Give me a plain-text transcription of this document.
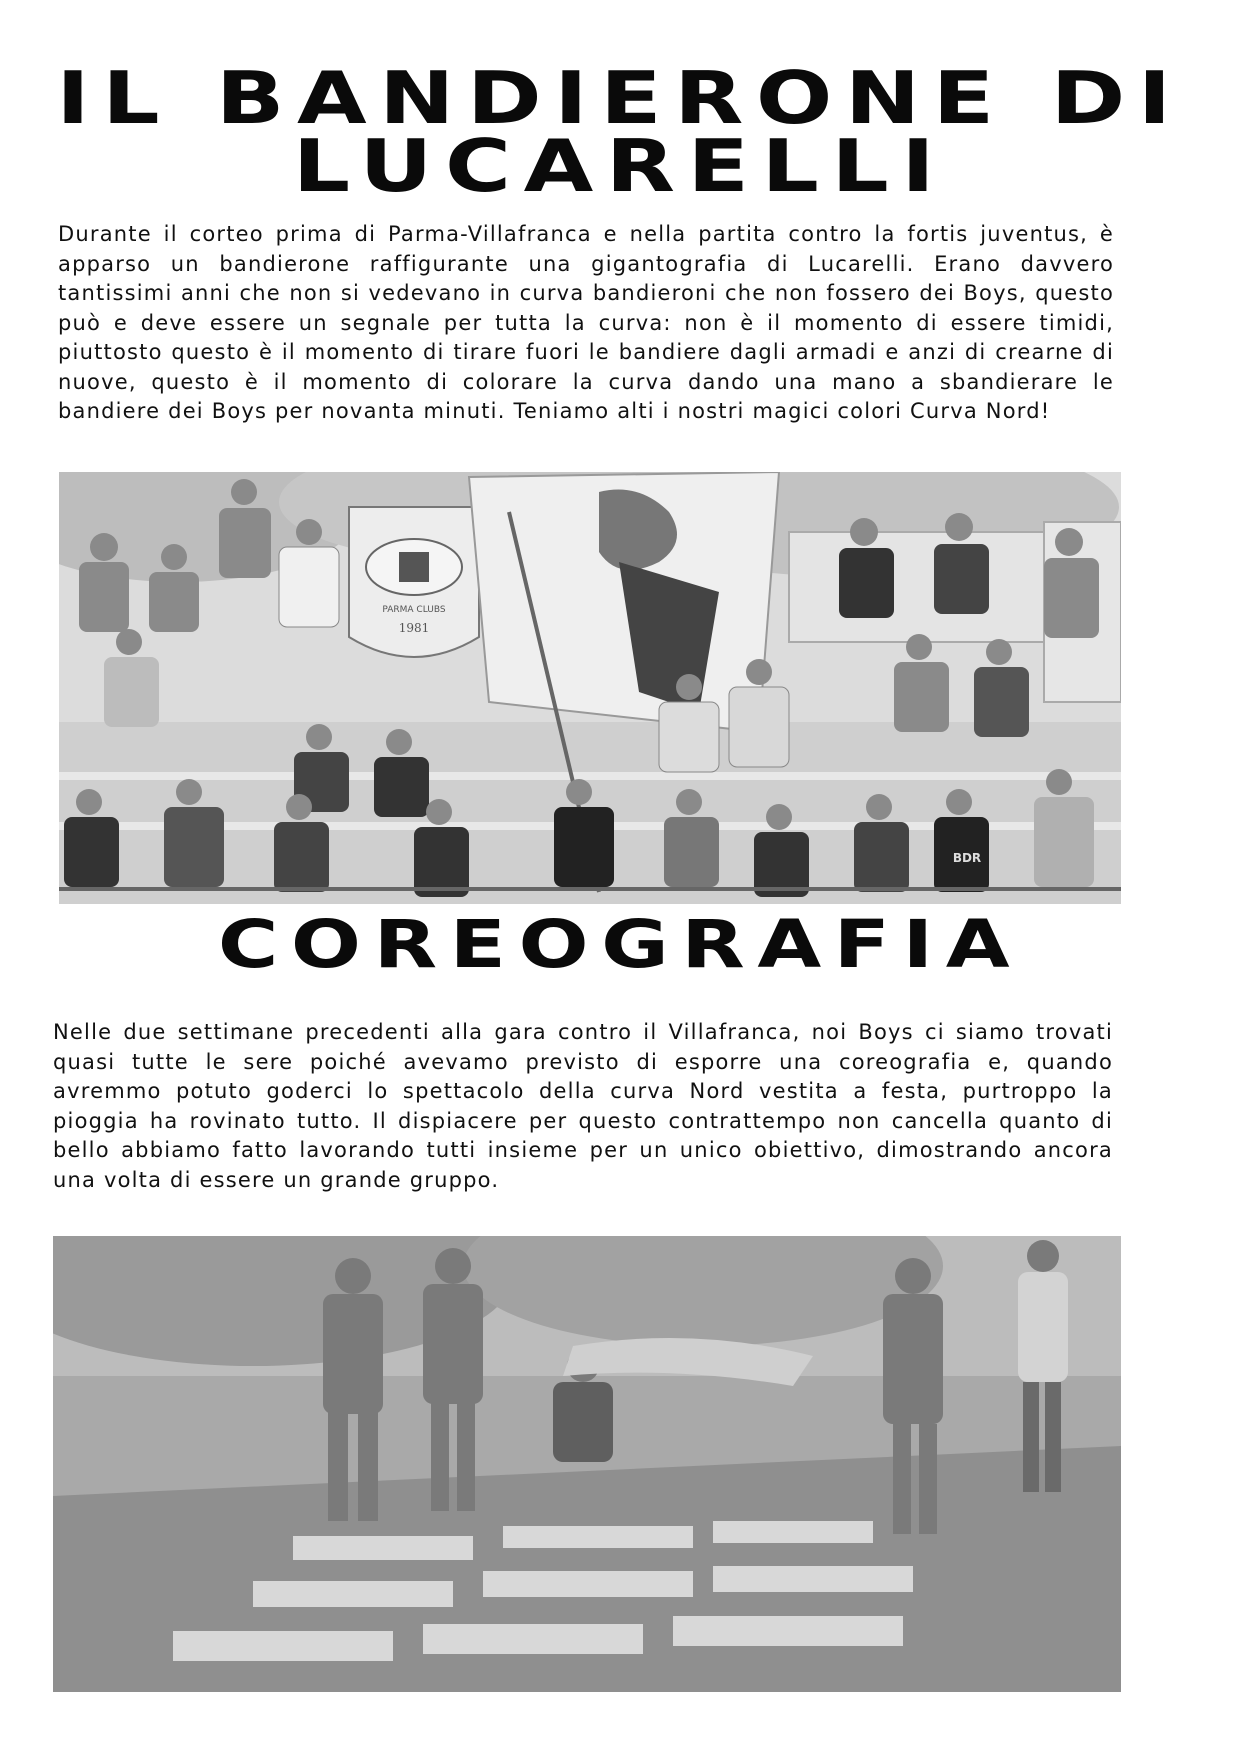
IL BANDIERONE DI
LUCARELLI

Durante il corteo prima di Parma-Villafranca e nella partita contro la fortis juventus, è apparso un bandierone raffigurante una gigantografia di Lucarelli. Erano davvero tantissimi anni che non si vedevano in curva bandieroni che non fossero dei Boys, questo può e deve essere un segnale per tutta la curva: non è il momento di essere timidi, piuttosto questo è il momento di tirare fuori le bandiere dagli armadi e anzi di crearne di nuove, questo è il momento di colorare la curva dando una mano a sbandierare le bandiere dei Boys per novanta minuti. Teniamo alti i nostri magici colori Curva Nord!

PARMA CLUBS
1981
BDR
COREOGRAFIA

Nelle due settimane precedenti alla gara contro il Villafranca, noi Boys ci siamo trovati quasi tutte le sere poiché avevamo previsto di esporre una coreografia e, quando avremmo potuto goderci lo spettacolo della curva Nord vestita a festa, purtroppo la pioggia ha rovinato tutto. Il dispiacere per questo contrattempo non cancella quanto di bello abbiamo fatto lavorando tutti insieme per un unico obiettivo, dimostrando ancora una volta di essere un grande gruppo.
